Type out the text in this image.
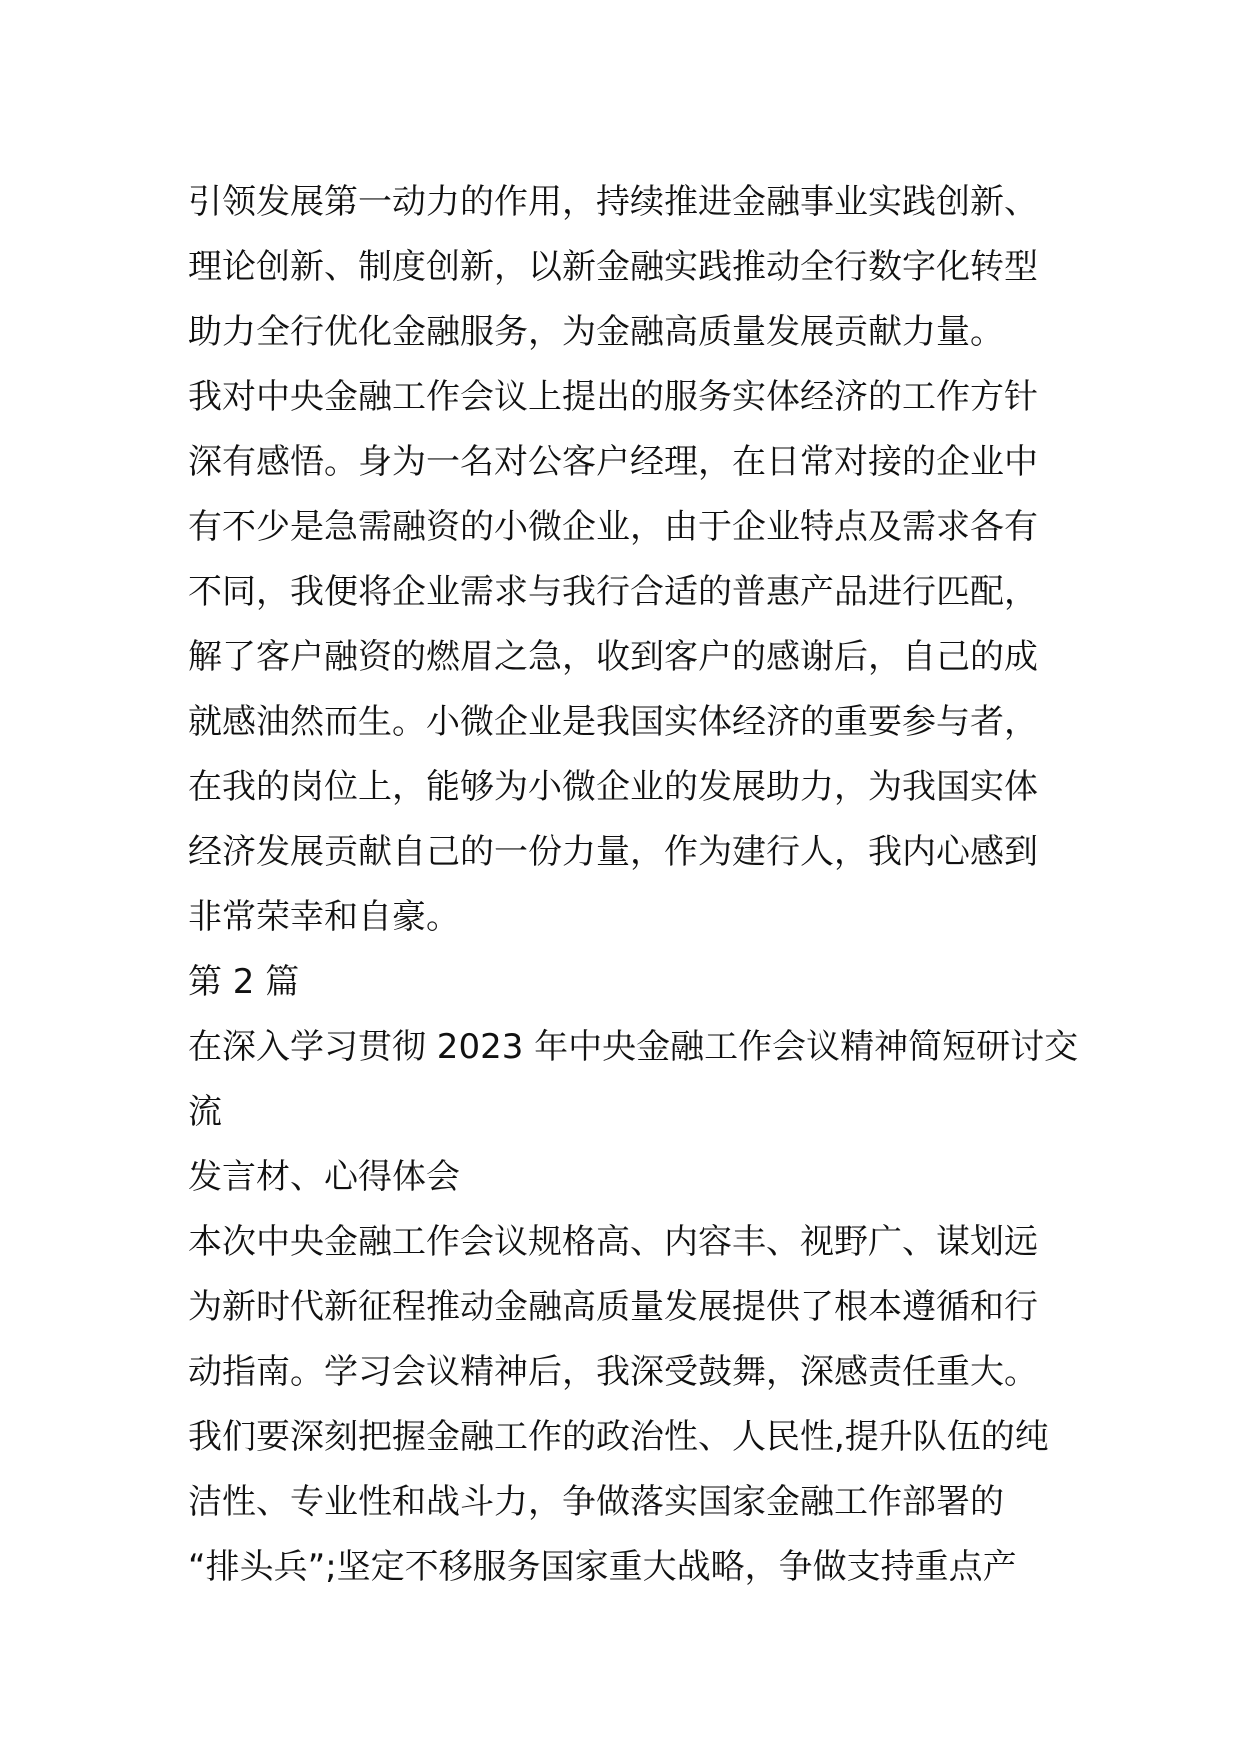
引领发展第一动力的作用，持续推进金融事业实践创新、
理论创新、制度创新，以新金融实践推动全行数字化转型
助力全行优化金融服务，为金融高质量发展贡献力量。
我对中央金融工作会议上提出的服务实体经济的工作方针
深有感悟。身为一名对公客户经理，在日常对接的企业中
有不少是急需融资的小微企业，由于企业特点及需求各有
不同，我便将企业需求与我行合适的普惠产品进行匹配，
解了客户融资的燃眉之急，收到客户的感谢后，自己的成
就感油然而生。小微企业是我国实体经济的重要参与者，
在我的岗位上，能够为小微企业的发展助力，为我国实体
经济发展贡献自己的一份力量，作为建行人，我内心感到
非常荣幸和自豪。
第 2 篇
在深入学习贯彻 2023 年中央金融工作会议精神简短研讨交
流
发言材、心得体会
本次中央金融工作会议规格高、内容丰、视野广、谋划远
为新时代新征程推动金融高质量发展提供了根本遵循和行
动指南。学习会议精神后，我深受鼓舞，深感责任重大。
我们要深刻把握金融工作的政治性、人民性,提升队伍的纯
洁性、专业性和战斗力，争做落实国家金融工作部署的
“排头兵”;坚定不移服务国家重大战略，争做支持重点产
